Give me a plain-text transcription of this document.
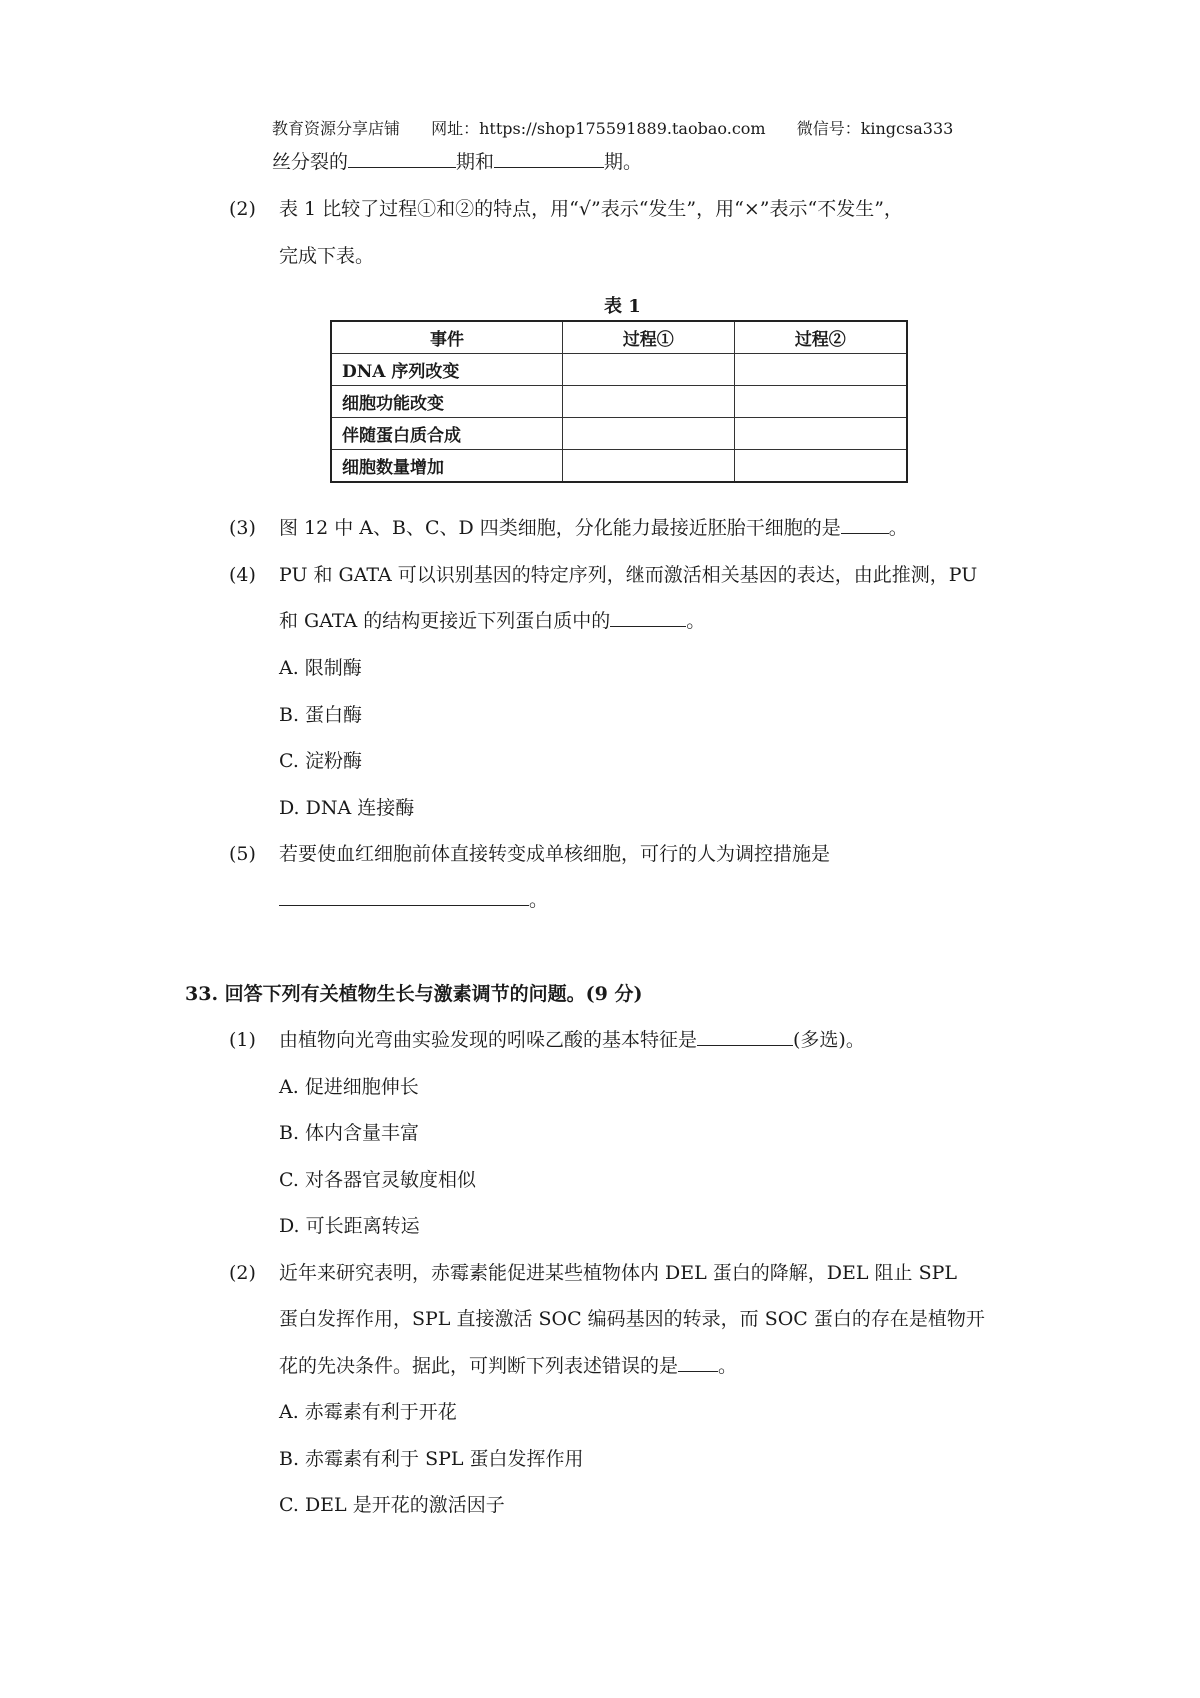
教育资源分享店铺 网址：https://shop175591889.taobao.com 微信号：kingcsa333
丝分裂的	期和	期。
(2) 表 1 比较了过程①和②的特点，用“√”表示“发生”，用“×”表示“不发生”，
完成下表。
表 1
事件	过程①	过程②
DNA 序列改变		
细胞功能改变		
伴随蛋白质合成		
细胞数量增加		
(3) 图 12 中 A、B、C、D 四类细胞，分化能力最接近胚胎干细胞的是	。
(4) PU 和 GATA 可以识别基因的特定序列，继而激活相关基因的表达，由此推测，PU
和 GATA 的结构更接近下列蛋白质中的	。
A. 限制酶
B. 蛋白酶
C. 淀粉酶
D. DNA 连接酶
(5) 若要使血红细胞前体直接转变成单核细胞，可行的人为调控措施是
。
33. 回答下列有关植物生长与激素调节的问题。(9 分)
(1) 由植物向光弯曲实验发现的吲哚乙酸的基本特征是	(多选)。
A. 促进细胞伸长
B. 体内含量丰富
C. 对各器官灵敏度相似
D. 可长距离转运
(2) 近年来研究表明，赤霉素能促进某些植物体内 DEL 蛋白的降解，DEL 阻止 SPL
蛋白发挥作用，SPL 直接激活 SOC 编码基因的转录，而 SOC 蛋白的存在是植物开
花的先决条件。据此，可判断下列表述错误的是 。
A. 赤霉素有利于开花
B. 赤霉素有利于 SPL 蛋白发挥作用
C. DEL 是开花的激活因子
